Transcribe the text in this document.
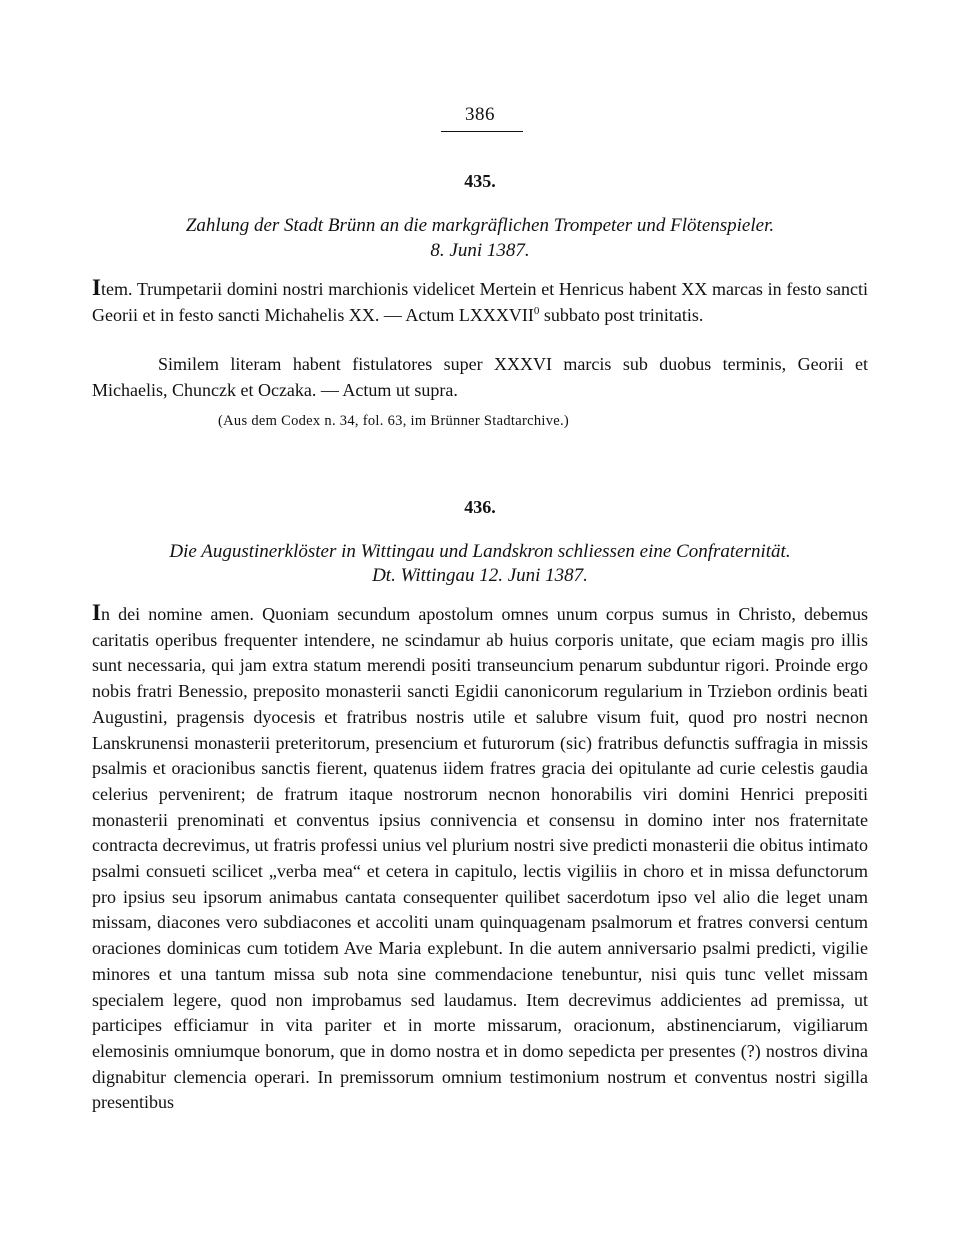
386
435.
Zahlung der Stadt Brünn an die markgräflichen Trompeter und Flötenspieler.
8. Juni 1387.

Item. Trumpetarii domini nostri marchionis videlicet Mertein et Henricus habent XX marcas in festo sancti Georii et in festo sancti Michahelis XX. — Actum LXXXVII$^0$ subbato post trinitatis.

Similem literam habent fistulatores super XXXVI marcis sub duobus terminis, Georii et Michaelis, Chunczk et Oczaka. — Actum ut supra.

(Aus dem Codex n. 34, fol. 63, im Brünner Stadtarchive.)
436.
Die Augustinerklöster in Wittingau und Landskron schliessen eine Confraternität.
Dt. Wittingau 12. Juni 1387.

In dei nomine amen. Quoniam secundum apostolum omnes unum corpus sumus in Christo, debemus caritatis operibus frequenter intendere, ne scindamur ab huius corporis unitate, que eciam magis pro illis sunt necessaria, qui jam extra statum merendi positi transeuncium penarum subduntur rigori. Proinde ergo nobis fratri Benessio, preposito monasterii sancti Egidii canonicorum regularium in Trziebon ordinis beati Augustini, pragensis dyocesis et fratribus nostris utile et salubre visum fuit, quod pro nostri necnon Lanskrunensi monasterii preteritorum, presencium et futurorum (sic) fratribus defunctis suffragia in missis psalmis et oracionibus sanctis fierent, quatenus iidem fratres gracia dei opitulante ad curie celestis gaudia celerius pervenirent; de fratrum itaque nostrorum necnon honorabilis viri domini Henrici prepositi monasterii prenominati et conventus ipsius connivencia et consensu in domino inter nos fraternitate contracta decrevimus, ut fratris professi unius vel plurium nostri sive predicti monasterii die obitus intimato psalmi consueti scilicet „verba mea“ et cetera in capitulo, lectis vigiliis in choro et in missa defunctorum pro ipsius seu ipsorum animabus cantata consequenter quilibet sacerdotum ipso vel alio die leget unam missam, diacones vero subdiacones et accoliti unam quinquagenam psalmorum et fratres conversi centum oraciones dominicas cum totidem Ave Maria explebunt. In die autem anniversario psalmi predicti, vigilie minores et una tantum missa sub nota sine commendacione tenebuntur, nisi quis tunc vellet missam specialem legere, quod non improbamus sed laudamus. Item decrevimus addicientes ad premissa, ut participes efficiamur in vita pariter et in morte missarum, oracionum, abstinenciarum, vigiliarum elemosinis omniumque bonorum, que in domo nostra et in domo sepedicta per presentes (?) nostros divina dignabitur clemencia operari. In premissorum omnium testimonium nostrum et conventus nostri sigilla presentibus
